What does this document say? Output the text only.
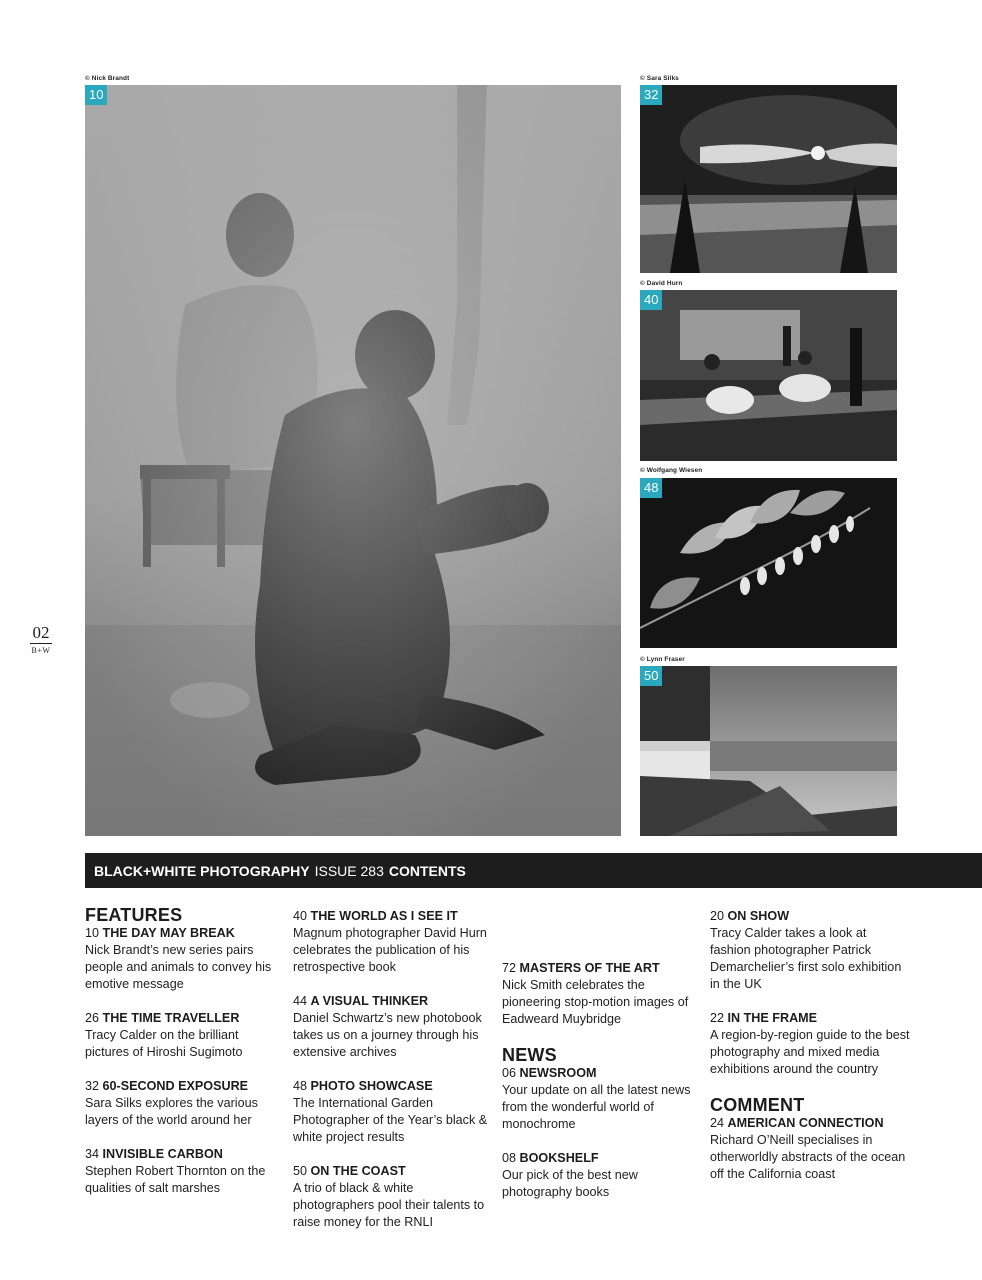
© Nick Brandt
10
© Sara Silks
32
© David Hurn
40
© Wolfgang Wiesen
48
© Lynn Fraser
50
02
B+W
BLACK+WHITE PHOTOGRAPHY ISSUE 283 CONTENTS
FEATURES
10 THE DAY MAY BREAK
Nick Brandt’s new series pairs people and animals to convey his emotive message
26 THE TIME TRAVELLER
Tracy Calder on the brilliant pictures of Hiroshi Sugimoto
32 60-SECOND EXPOSURE
Sara Silks explores the various layers of the world around her
34 INVISIBLE CARBON
Stephen Robert Thornton on the qualities of salt marshes
40 THE WORLD AS I SEE IT
Magnum photographer David Hurn celebrates the publication of his retrospective book
44 A VISUAL THINKER
Daniel Schwartz’s new photobook takes us on a journey through his extensive archives
48 PHOTO SHOWCASE
The International Garden Photographer of the Year’s black & white project results
50 ON THE COAST
A trio of black & white photographers pool their talents to raise money for the RNLI
72 MASTERS OF THE ART
Nick Smith celebrates the pioneering stop-motion images of Eadweard Muybridge
NEWS
06 NEWSROOM
Your update on all the latest news from the wonderful world of monochrome
08 BOOKSHELF
Our pick of the best new photography books
20 ON SHOW
Tracy Calder takes a look at fashion photographer Patrick Demarchelier’s first solo exhibition in the UK
22 IN THE FRAME
A region-by-region guide to the best photography and mixed media exhibitions around the country
COMMENT
24 AMERICAN CONNECTION
Richard O’Neill specialises in otherworldly abstracts of the ocean off the California coast
